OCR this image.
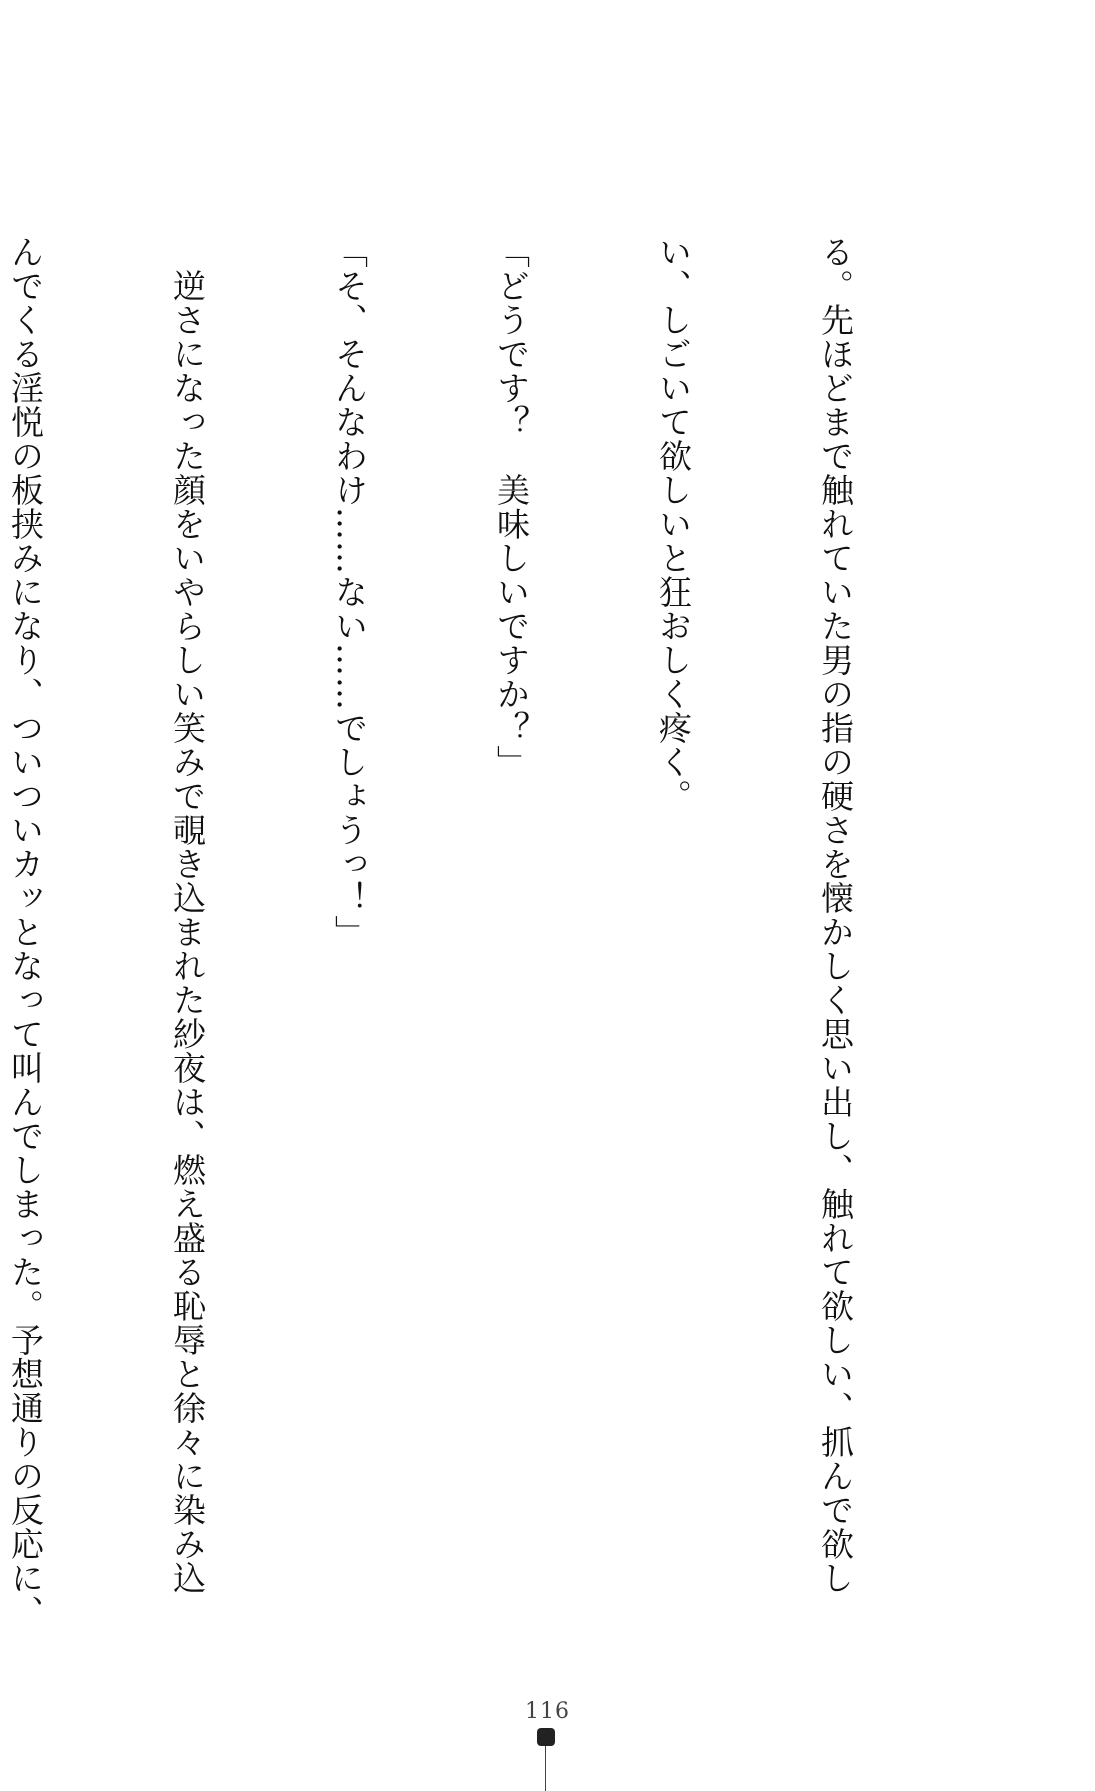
る。先ほどまで触れていた男の指の硬さを懐かしく思い出し、触れて欲しい、抓んで欲し

い、しごいて欲しいと狂おしく疼く。

「どうです？　美味しいですか？」

「そ、そんなわけ……ない……でしょうっ！」

　逆さになった顔をいやらしい笑みで覗き込まれた紗夜は、燃え盛る恥辱と徐々に染み込

んでくる淫悦の板挟みになり、ついついカッとなって叫んでしまった。予想通りの反応に、

116
